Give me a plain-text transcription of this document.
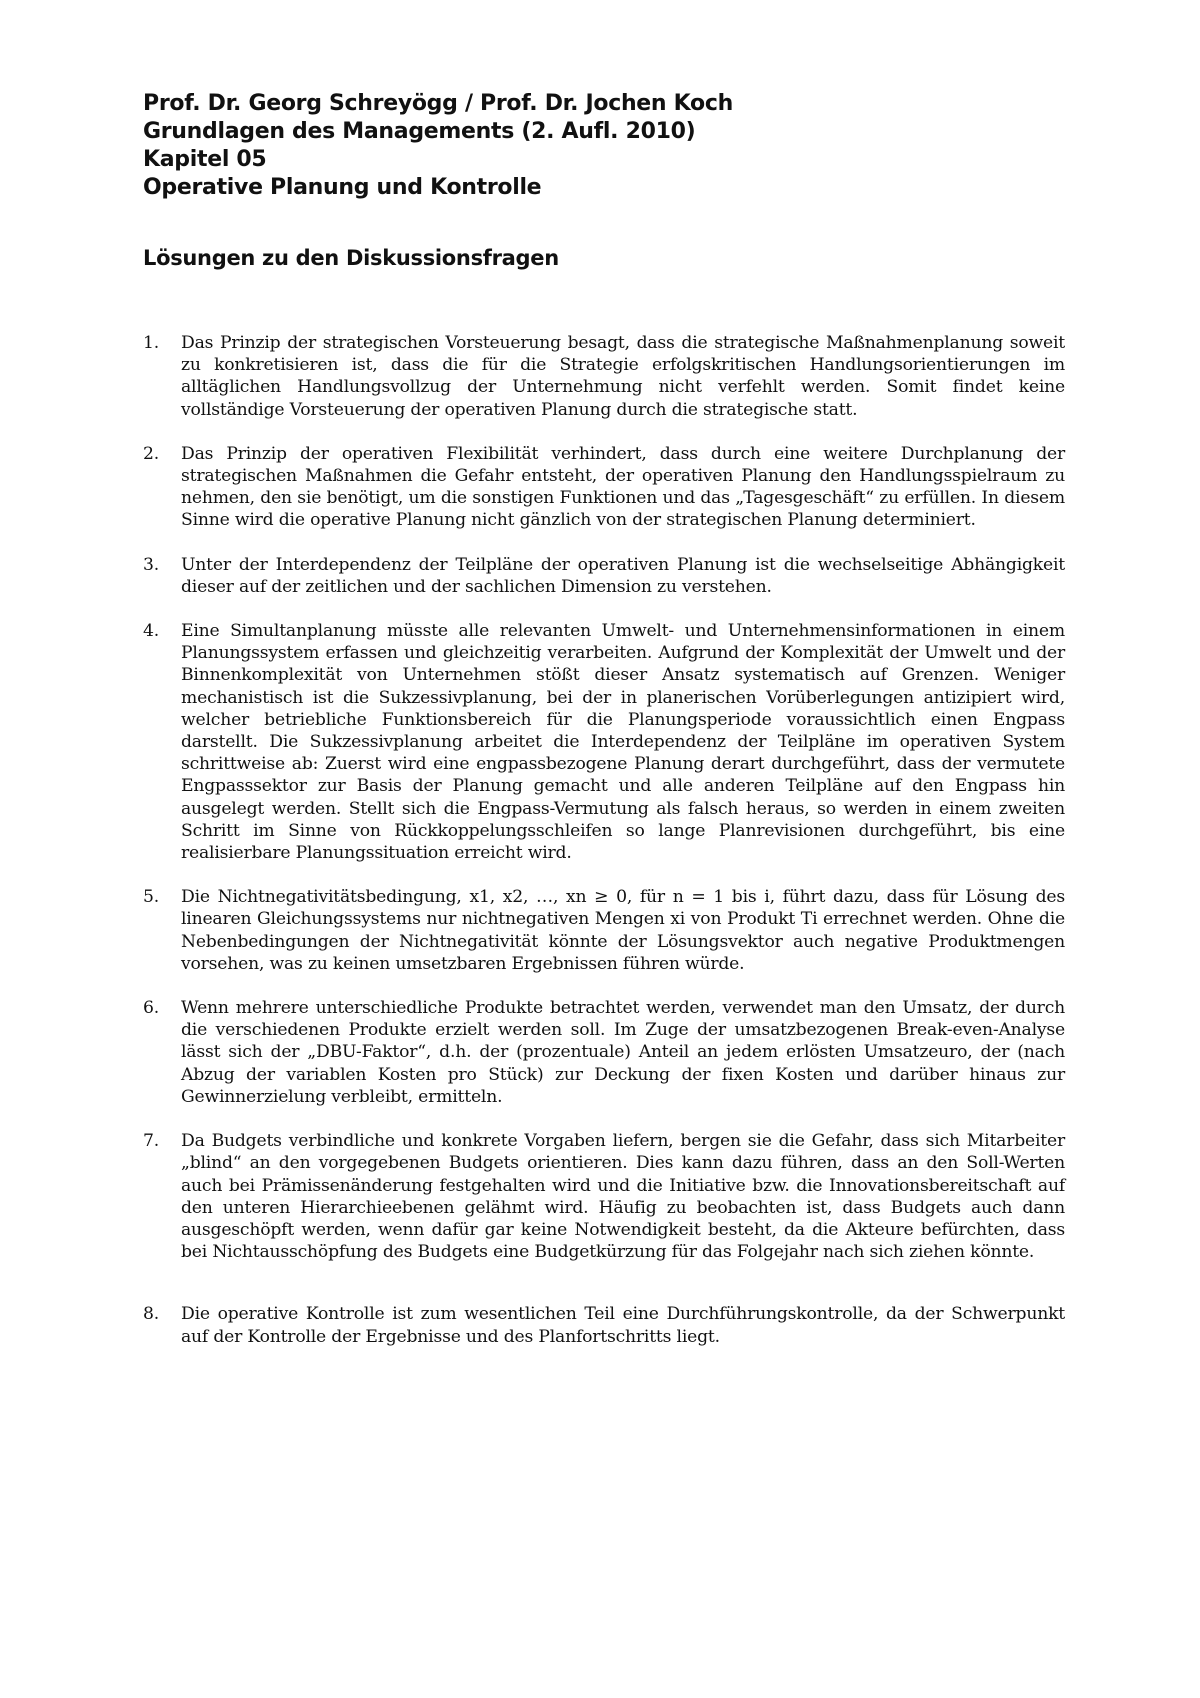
Prof. Dr. Georg Schreyögg / Prof. Dr. Jochen Koch
Grundlagen des Managements (2. Aufl. 2010)
Kapitel 05
Operative Planung und Kontrolle
Lösungen zu den Diskussionsfragen
1. Das Prinzip der strategischen Vorsteuerung besagt, dass die strategische Maßnahmenplanung soweit zu konkretisieren ist, dass die für die Strategie erfolgskritischen Handlungsorientierungen im alltäglichen Handlungsvollzug der Unternehmung nicht verfehlt werden. Somit findet keine vollständige Vorsteuerung der operativen Planung durch die strategische statt.
2. Das Prinzip der operativen Flexibilität verhindert, dass durch eine weitere Durchplanung der strategischen Maßnahmen die Gefahr entsteht, der operativen Planung den Handlungsspielraum zu nehmen, den sie benötigt, um die sonstigen Funktionen und das „Tagesgeschäft“ zu erfüllen. In diesem Sinne wird die operative Planung nicht gänzlich von der strategischen Planung determiniert.
3. Unter der Interdependenz der Teilpläne der operativen Planung ist die wechselseitige Abhängigkeit dieser auf der zeitlichen und der sachlichen Dimension zu verstehen.
4. Eine Simultanplanung müsste alle relevanten Umwelt- und Unternehmensinformationen in einem Planungssystem erfassen und gleichzeitig verarbeiten. Aufgrund der Komplexität der Umwelt und der Binnenkomplexität von Unternehmen stößt dieser Ansatz systematisch auf Grenzen. Weniger mechanistisch ist die Sukzessivplanung, bei der in planerischen Vorüberlegungen antizipiert wird, welcher betriebliche Funktionsbereich für die Planungsperiode voraussichtlich einen Engpass darstellt. Die Sukzessivplanung arbeitet die Interdependenz der Teilpläne im operativen System schrittweise ab: Zuerst wird eine engpassbezogene Planung derart durchgeführt, dass der vermutete Engpasssektor zur Basis der Planung gemacht und alle anderen Teilpläne auf den Engpass hin ausgelegt werden. Stellt sich die Engpass-Vermutung als falsch heraus, so werden in einem zweiten Schritt im Sinne von Rückkoppelungsschleifen so lange Planrevisionen durchgeführt, bis eine realisierbare Planungssituation erreicht wird.
5. Die Nichtnegativitätsbedingung, x1, x2, …, xn ≥ 0, für n = 1 bis i, führt dazu, dass für Lösung des linearen Gleichungssystems nur nichtnegativen Mengen xi von Produkt Ti errechnet werden. Ohne die Nebenbedingungen der Nichtnegativität könnte der Lösungsvektor auch negative Produktmengen vorsehen, was zu keinen umsetzbaren Ergebnissen führen würde.
6. Wenn mehrere unterschiedliche Produkte betrachtet werden, verwendet man den Umsatz, der durch die verschiedenen Produkte erzielt werden soll. Im Zuge der umsatzbezogenen Break-even-Analyse lässt sich der „DBU-Faktor“, d.h. der (prozentuale) Anteil an jedem erlösten Umsatzeuro, der (nach Abzug der variablen Kosten pro Stück) zur Deckung der fixen Kosten und darüber hinaus zur Gewinnerzielung verbleibt, ermitteln.
7. Da Budgets verbindliche und konkrete Vorgaben liefern, bergen sie die Gefahr, dass sich Mitarbeiter „blind“ an den vorgegebenen Budgets orientieren. Dies kann dazu führen, dass an den Soll-Werten auch bei Prämissenänderung festgehalten wird und die Initiative bzw. die Innovationsbereitschaft auf den unteren Hierarchieebenen gelähmt wird. Häufig zu beobachten ist, dass Budgets auch dann ausgeschöpft werden, wenn dafür gar keine Notwendigkeit besteht, da die Akteure befürchten, dass bei Nichtausschöpfung des Budgets eine Budgetkürzung für das Folgejahr nach sich ziehen könnte.
8. Die operative Kontrolle ist zum wesentlichen Teil eine Durchführungskontrolle, da der Schwerpunkt auf der Kontrolle der Ergebnisse und des Planfortschritts liegt.
